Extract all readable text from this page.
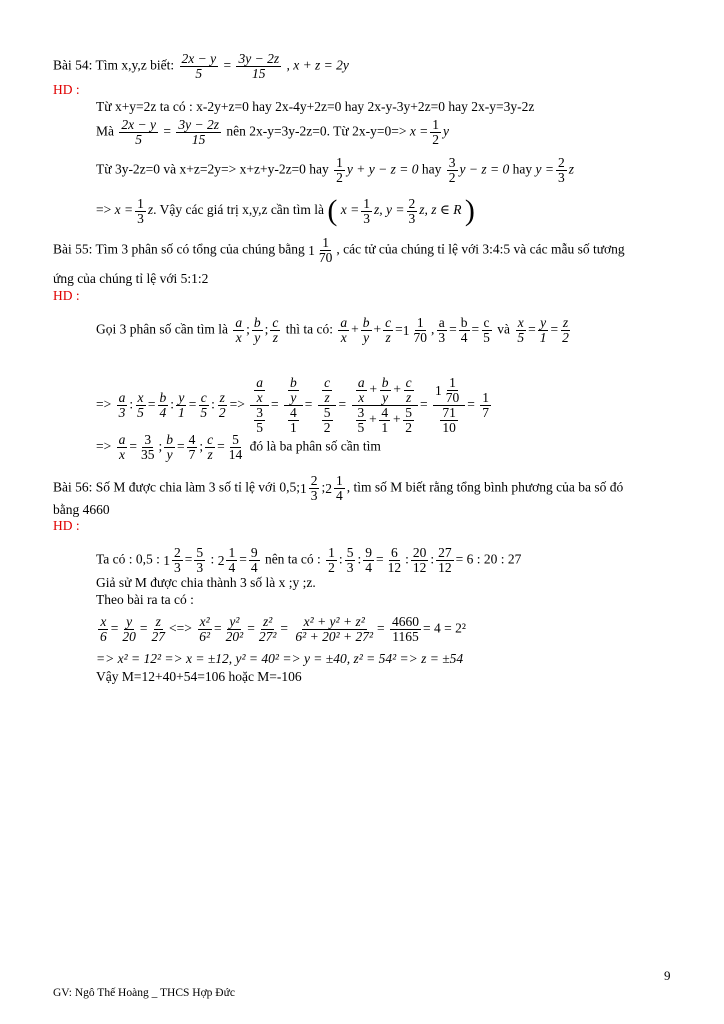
Bài 54: Tìm x,y,z biết: $\frac{2x - y}{5} = \frac{3y - 2z}{15}$ , x + z = 2y
HD :
Từ x+y=2z ta có : x-2y+z=0 hay 2x-4y+2z=0 hay 2x-y-3y+2z=0 hay 2x-y=3y-2z
Mà $\frac{2x - y}{5} = \frac{3y - 2z}{15}$ nên 2x-y=3y-2z=0. Từ $2x-y=0=> x = \frac{1}{2}$ y
Từ 3y-2z=0 và x+z=2y=> x+z+y-2z=0 hay $\frac{1}{2}$ y + y − z = 0 hay $\frac{3}{2}$ y − z = 0 hay $y = \frac{2}{3}$ z
=> $x = \frac{1}{3} z$. Vậy các giá trị x,y,z cần tìm là ( $x = \frac{1}{3} z$, $y = \frac{2}{3} z$, z ∈ R )
Bài 55: Tìm 3 phân số có tổng của chúng bằng $1 \frac{1}{70}$ , các tử của chúng tỉ lệ với 3:4:5 và các mẫu số tương
ứng của chúng tỉ lệ với 5:1:2
HD :
Gọi 3 phân số cần tìm là $\frac{a}{x}$ ; $\frac{b}{y}$ ; $\frac{c}{z}$ thì ta có: $\frac{a}{x} + \frac{b}{y} + \frac{c}{z} =1 \frac{1}{70}$ , $\frac{a}{3} = \frac{b}{4} = \frac{c}{5}$ và $\frac{x}{5} = \frac{y}{1} = \frac{z}{2}$
=> $\frac{a}{3}$ : $\frac{x}{5} = \frac{b}{4}$ : $\frac{y}{1} = \frac{c}{5}$ : $\frac{z}{2} => \frac{\frac{a}{x}}{\frac{3}{5}} = \frac{\frac{b}{y}}{\frac{4}{1}} = \frac{\frac{c}{z}}{\frac{5}{2}} = \frac{\frac{a}{x} + \frac{b}{y} + \frac{c}{z}}{\frac{3}{5} + \frac{4}{1} + \frac{5}{2}} = \frac{1 \frac{1}{70}}{\frac{71}{10}} = \frac{1}{7}$
=> $\frac{a}{x} = \frac{3}{35}$ ; $\frac{b}{y} = \frac{4}{7}$ ; $\frac{c}{z} = \frac{5}{14}$ đó là ba phân số cần tìm
Bài 56: Số M được chia làm 3 số tỉ lệ với 0,5;1 $\frac{2}{3}$ ;2 $\frac{1}{4}$ , tìm số M biết rằng tổng bình phương của ba số đó
bằng 4660
HD :
Ta có : 0,5 : $1 \frac{2}{3} = \frac{5}{3}$ : $2 \frac{1}{4} = \frac{9}{4}$ nên ta có : $\frac{1}{2}$ : $\frac{5}{3}$ : $\frac{9}{4} = \frac{6}{12}$ : $\frac{20}{12}$ : $\frac{27}{12} = 6$ : 20 : 27
Giả sử M được chia thành 3 số là x ;y ;z.
Theo bài ra ta có :
$\frac{x}{6} = \frac{y}{20} = \frac{z}{27}$ <=> $\frac{\text{x²}}{\text{6²}} = \frac{\text{y²}}{\text{20²}} = \frac{\text{z²}}{\text{27²}} = \frac{\text{x² + y² + z²}}{\text{6² + 20² + 27²}} = \frac{4660}{1165} = 4 = 2^2$
=> x² = 12² => x = ±12, y² = 40² => y = ±40, z² = 54² => z = ±54
Vậy M=12+40+54=106 hoặc M=-106
9
GV: Ngô Thế Hoàng _ THCS Hợp Đức
